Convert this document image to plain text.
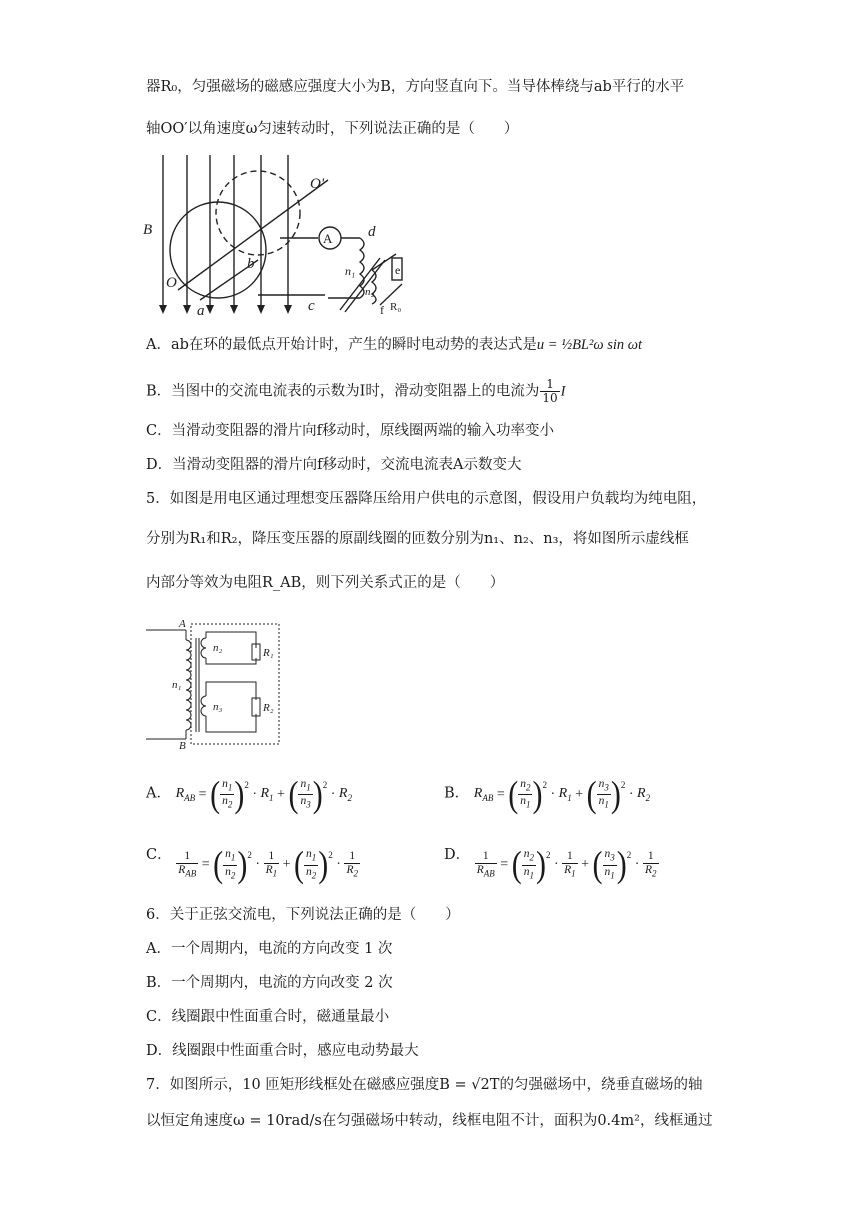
器R₀，匀强磁场的磁感应强度大小为B，方向竖直向下。当导体棒绕与ab平行的水平
轴OO′以角速度ω匀速转动时，下列说法正确的是（　　）
B
O
O'
a
b
c
d
A
n₁
n₂
e
f R₀
A．ab在环的最低点开始计时，产生的瞬时电动势的表达式是u = ½BL²ω sin ωt
B．当图中的交流电流表的示数为I时，滑动变阻器上的电流为 $\frac{1}{10}$ I
C．当滑动变阻器的滑片向f移动时，原线圈两端的输入功率变小
D．当滑动变阻器的滑片向f移动时，交流电流表A示数变大
5．如图是用电区通过理想变压器降压给用户供电的示意图，假设用户负载均为纯电阻，
分别为R₁和R₂，降压变压器的原副线圈的匝数分别为n₁、n₂、n₃，将如图所示虚线框
内部分等效为电阻R_AB，则下列关系式正的是（　　）
A
B
n₁
n₂
n₃
R₁
R₂
A． $R_{AB}$ = ( $\frac{n_1}{n_2} )^2$
· $R_1$ + ( $\frac{n_1}{n_3} )^2$
· $R_2$	B． $R_{AB}$ = ( $\frac{n_2}{n_1} )^2$
· $R_1$ + ( $\frac{n_3}{n_1} )^2$
· $R_2$
C． $\frac{1}{R_{AB}}$ = ( $\frac{n_1}{n_2} )^2$
· $\frac{1}{R_1}$ + ( $\frac{n_1}{n_2} )^2$
· $\frac{1}{R_2}$	D． $\frac{1}{R_{AB}}$ = ( $\frac{n_2}{n_1} )^2$
· $\frac{1}{R_1}$ + ( $\frac{n_3}{n_1} )^2$
· $\frac{1}{R_2}$
6．关于正弦交流电，下列说法正确的是（　　）
A．一个周期内，电流的方向改变 1 次
B．一个周期内，电流的方向改变 2 次
C．线圈跟中性面重合时，磁通量最小
D．线圈跟中性面重合时，感应电动势最大
7．如图所示，10 匝矩形线框处在磁感应强度B = √2T的匀强磁场中，绕垂直磁场的轴
以恒定角速度ω = 10rad/s在匀强磁场中转动，线框电阻不计，面积为0.4m²，线框通过
